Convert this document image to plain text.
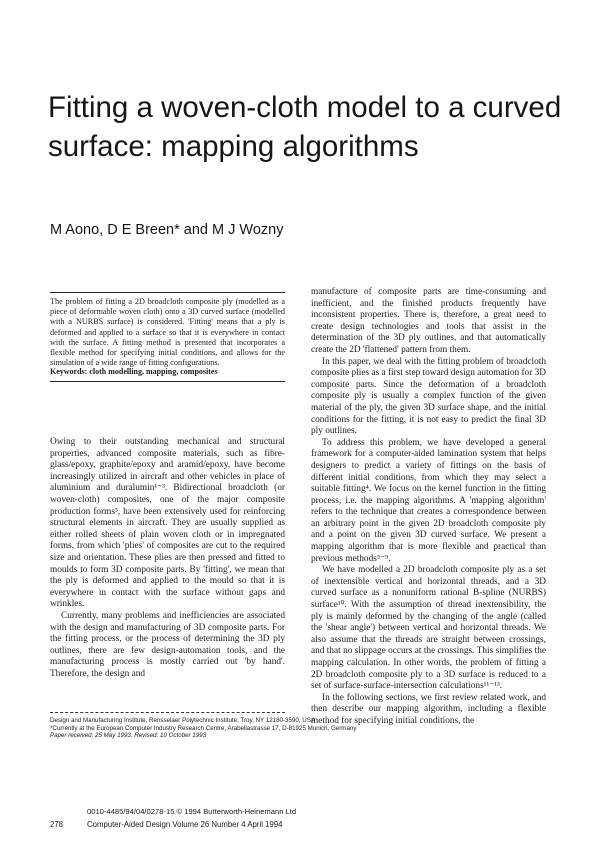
Fitting a woven-cloth model to a curved surface: mapping algorithms
M Aono, D E Breen* and M J Wozny
The problem of fitting a 2D broadcloth composite ply (modelled as a piece of deformable woven cloth) onto a 3D curved surface (modelled with a NURBS surface) is considered. 'Fitting' means that a ply is deformed and applied to a surface so that it is everywhere in contact with the surface. A fitting method is presented that incorporates a flexible method for specifying initial conditions, and allows for the simulation of a wide range of fitting configurations.
Keywords: cloth modelling, mapping, composites

Owing to their outstanding mechanical and structural properties, advanced composite materials, such as fibre-glass/epoxy, graphite/epoxy and aramid/epoxy, have become increasingly utilized in aircraft and other vehicles in place of aluminium and duralumin¹⁻³. Bidirectional broadcloth (or woven-cloth) composites, one of the major composite production forms³, have been extensively used for reinforcing structural elements in aircraft. They are usually supplied as either rolled sheets of plain woven cloth or in impregnated forms, from which 'plies' of composites are cut to the required size and orientation. These plies are then pressed and fitted to moulds to form 3D composite parts. By 'fitting', we mean that the ply is deformed and applied to the mould so that it is everywhere in contact with the surface without gaps and wrinkles.

Currently, many problems and inefficiencies are associated with the design and manufacturing of 3D composite parts. For the fitting process, or the process of determining the 3D ply outlines, there are few design-automation tools, and the manufacturing process is mostly carried out 'by hand'. Therefore, the design and

manufacture of composite parts are time-consuming and inefficient, and the finished products frequently have inconsistent properties. There is, therefore, a great need to create design technologies and tools that assist in the determination of the 3D ply outlines, and that automatically create the 2D 'flattened' pattern from them.

In this paper, we deal with the fitting problem of broadcloth composite plies as a first step toward design automation for 3D composite parts. Since the deformation of a broadcloth composite ply is usually a complex function of the given material of the ply, the given 3D surface shape, and the initial conditions for the fitting, it is not easy to predict the final 3D ply outlines.

To address this problem, we have developed a general framework for a computer-aided lamination system that helps designers to predict a variety of fittings on the basis of different initial conditions, from which they may select a suitable fitting⁴. We focus on the kernel function in the fitting process, i.e. the mapping algorithms. A 'mapping algorithm' refers to the technique that creates a correspondence between an arbitrary point in the given 2D broadcloth composite ply and a point on the given 3D curved surface. We present a mapping algorithm that is more flexible and practical than previous methods⁵⁻⁹.

We have modelled a 2D broadcloth composite ply as a set of inextensible vertical and horizontal threads, and a 3D curved surface as a nonuniform rational B-spline (NURBS) surface¹⁰. With the assumption of thread inextensibility, the ply is mainly deformed by the changing of the angle (called the 'shear angle') between vertical and horizontal threads. We also assume that the threads are straight between crossings, and that no slippage occurs at the crossings. This simplifies the mapping calculation. In other words, the problem of fitting a 2D broadcloth composite ply to a 3D surface is reduced to a set of surface-surface-intersection calculations¹¹⁻¹³.

In the following sections, we first review related work, and then describe our mapping algorithm, including a flexible method for specifying initial conditions, the

Design and Manufacturing Institute, Rensselaer Polytechnic Institute, Troy, NY 12180-3590, USA
*Currently at the European Computer Industry Research Centre, Arabellastrasse 17, D-81925 Munich, Germany
Paper received: 25 May 1993. Revised: 10 October 1993
0010-4485/94/04/0278-15 © 1994 Butterworth-Heinemann Ltd
278	Computer-Aided Design Volume 26 Number 4 April 1994
